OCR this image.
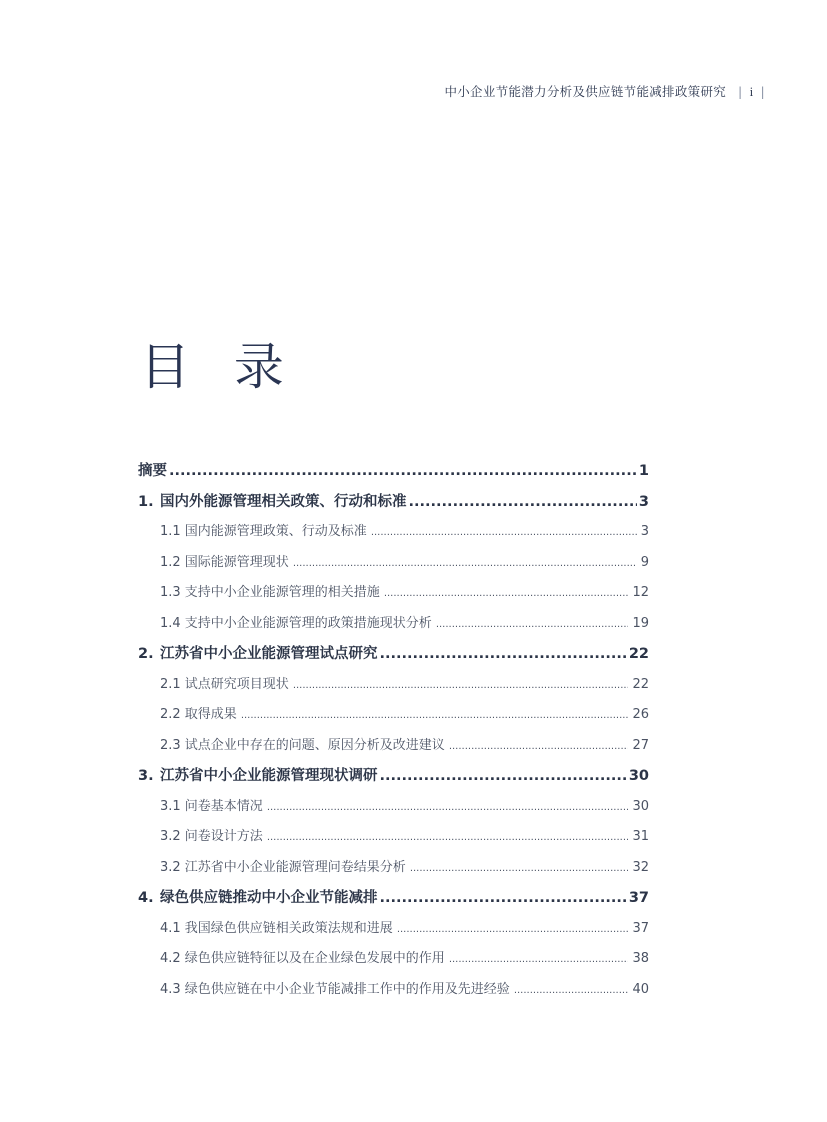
中小企业节能潜力分析及供应链节能减排政策研究 | i |
目 录
摘要 .....	1
1. 国内外能源管理相关政策、行动和标准 .....	3
1.1 国内能源管理政策、行动及标准 .....	3
1.2 国际能源管理现状 .....	9
1.3 支持中小企业能源管理的相关措施 .....	12
1.4 支持中小企业能源管理的政策措施现状分析 .....	19
2. 江苏省中小企业能源管理试点研究 .....	22
2.1 试点研究项目现状 .....	22
2.2 取得成果 .....	26
2.3 试点企业中存在的问题、原因分析及改进建议 .....	27
3. 江苏省中小企业能源管理现状调研 .....	30
3.1 问卷基本情况 .....	30
3.2 问卷设计方法 .....	31
3.2 江苏省中小企业能源管理问卷结果分析 .....	32
4. 绿色供应链推动中小企业节能减排 .....	37
4.1 我国绿色供应链相关政策法规和进展 .....	37
4.2 绿色供应链特征以及在企业绿色发展中的作用 .....	38
4.3 绿色供应链在中小企业节能减排工作中的作用及先进经验 .....	40
